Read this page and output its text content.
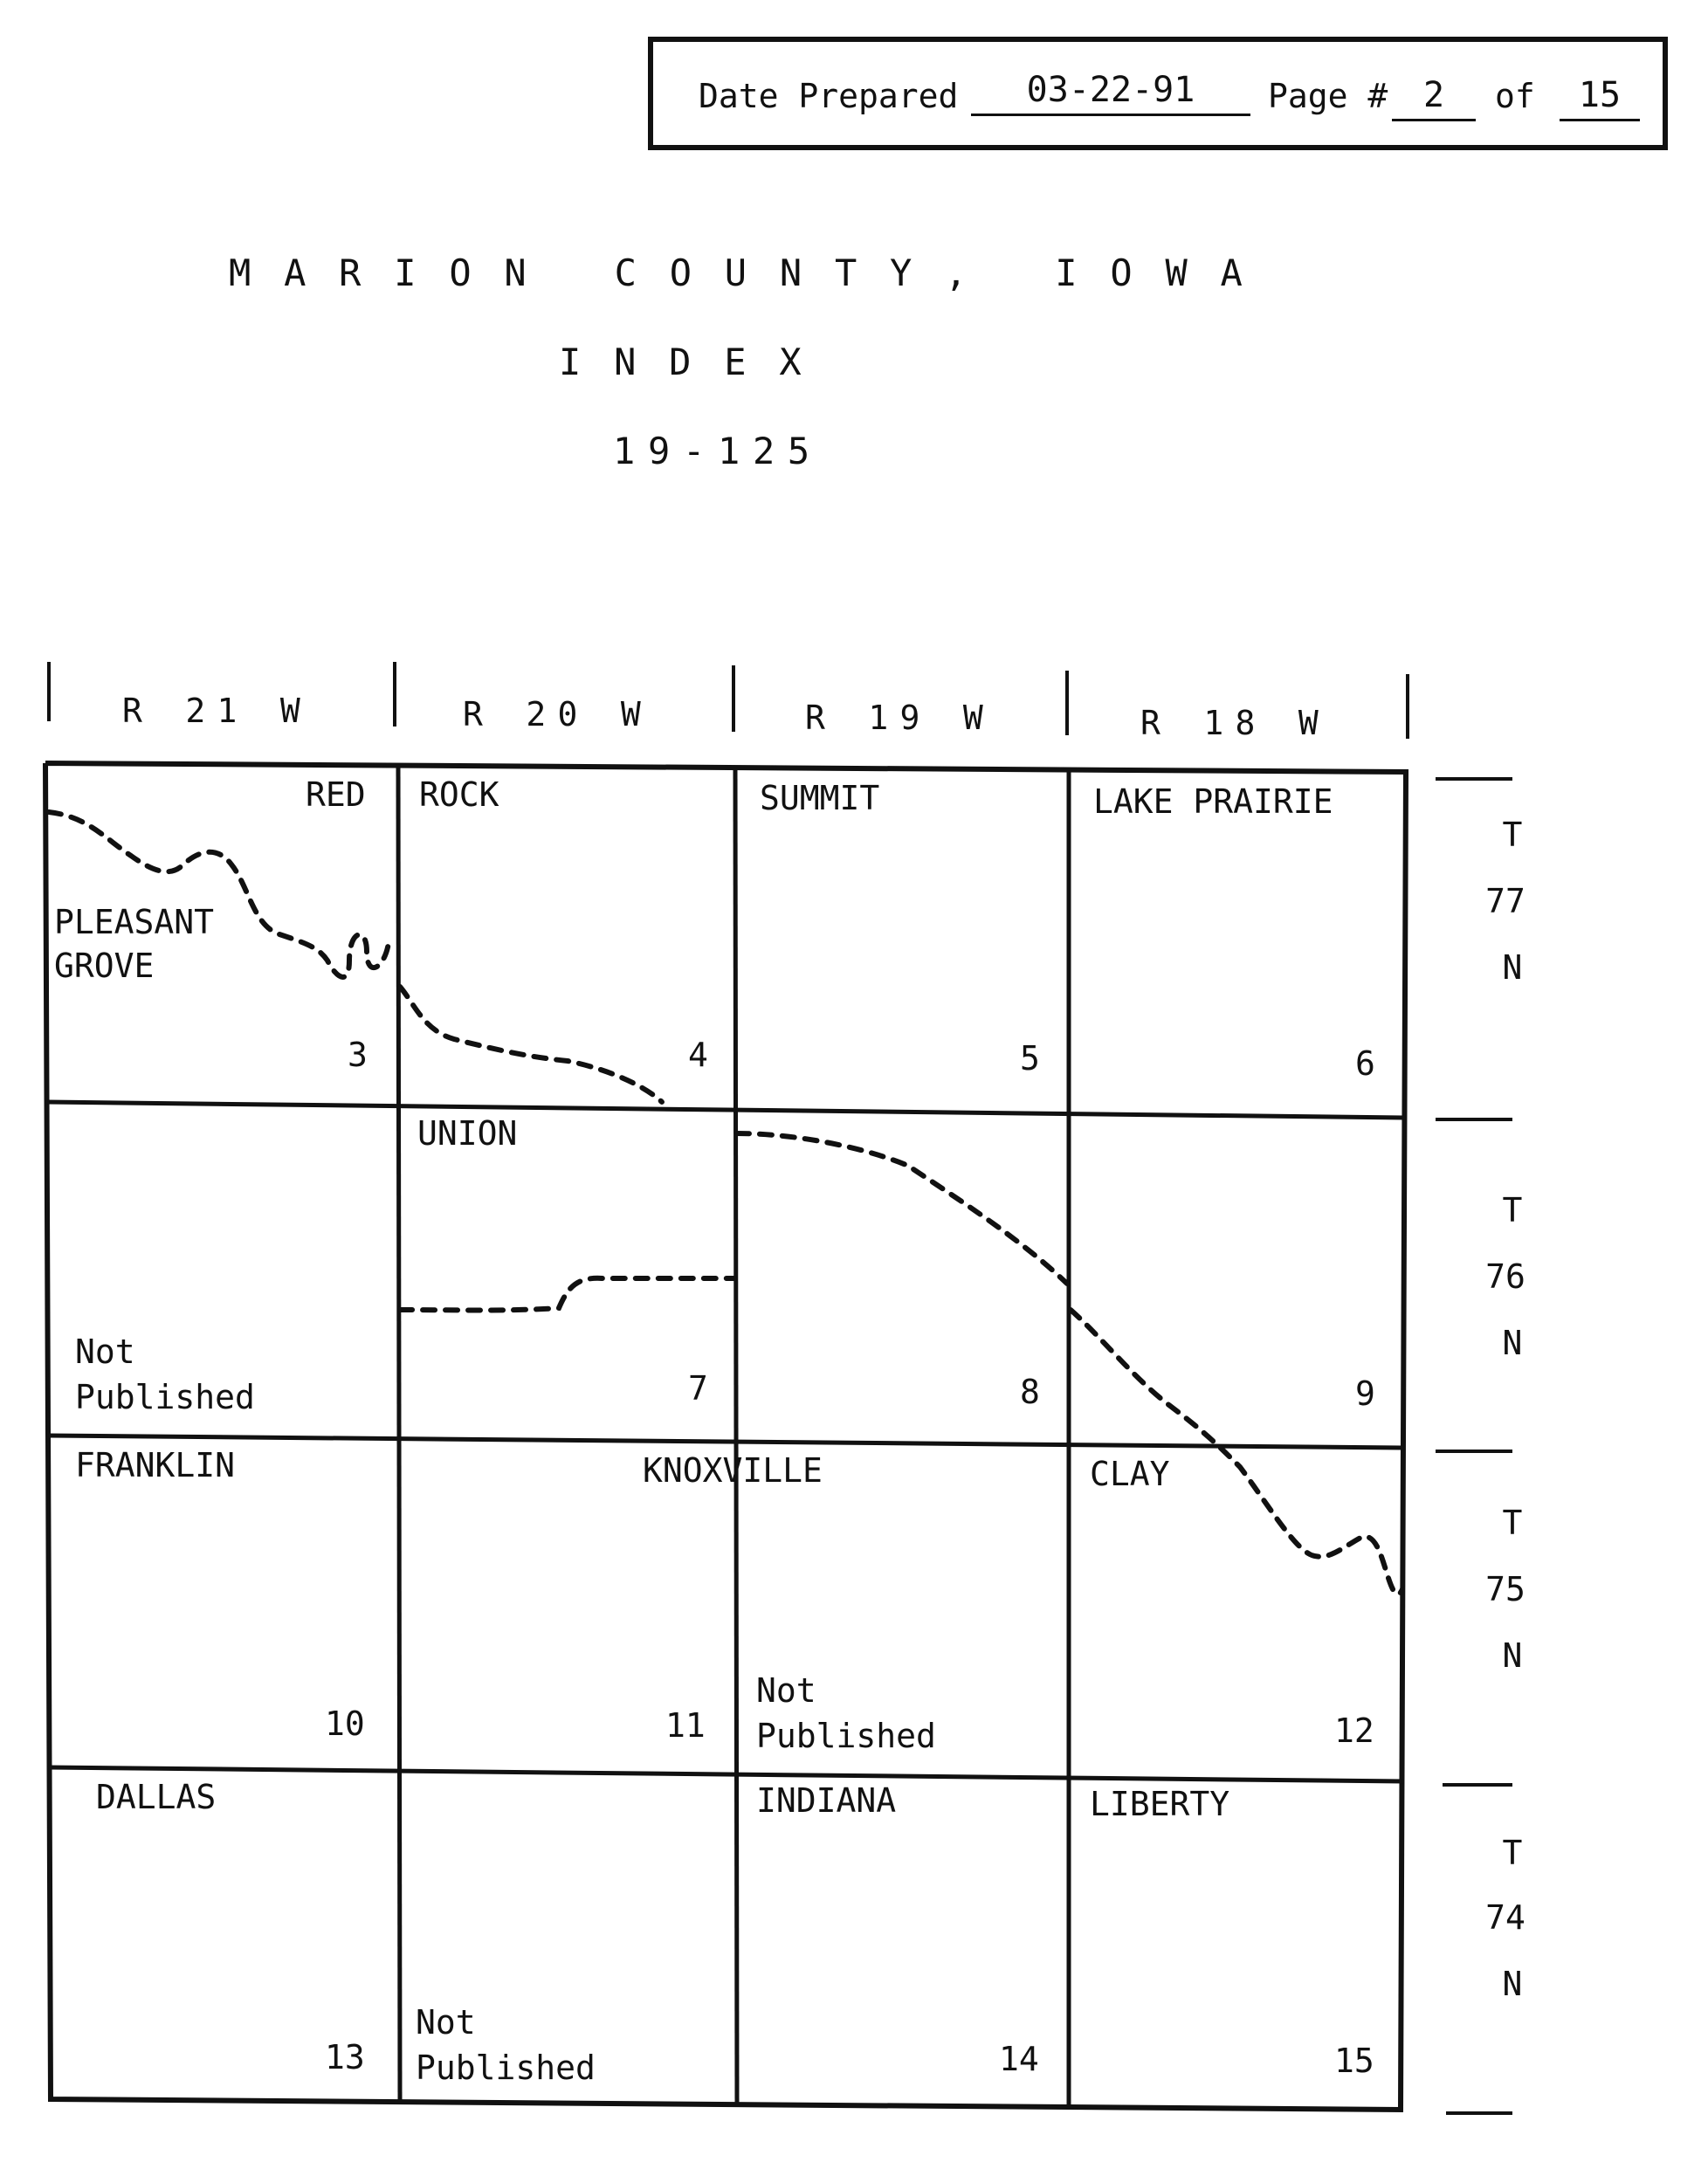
Date Prepared	03-22-91	Page #	2	of	15
MARION COUNTY, IOWA
INDEX
19-125
R 21 W	R 20 W	R 19 W	R 18 W
T
77
N
T
76
N
T
75
N
T
74
N
RED
PLEASANT
GROVE
3
ROCK
4
SUMMIT
5
LAKE PRAIRIE
6
Not
Published
UNION
7	8	9
FRANKLIN
10
KNOXVILLE
11
Not
Published
CLAY
12
DALLAS
13
Not
Published
INDIANA
14
LIBERTY
15
